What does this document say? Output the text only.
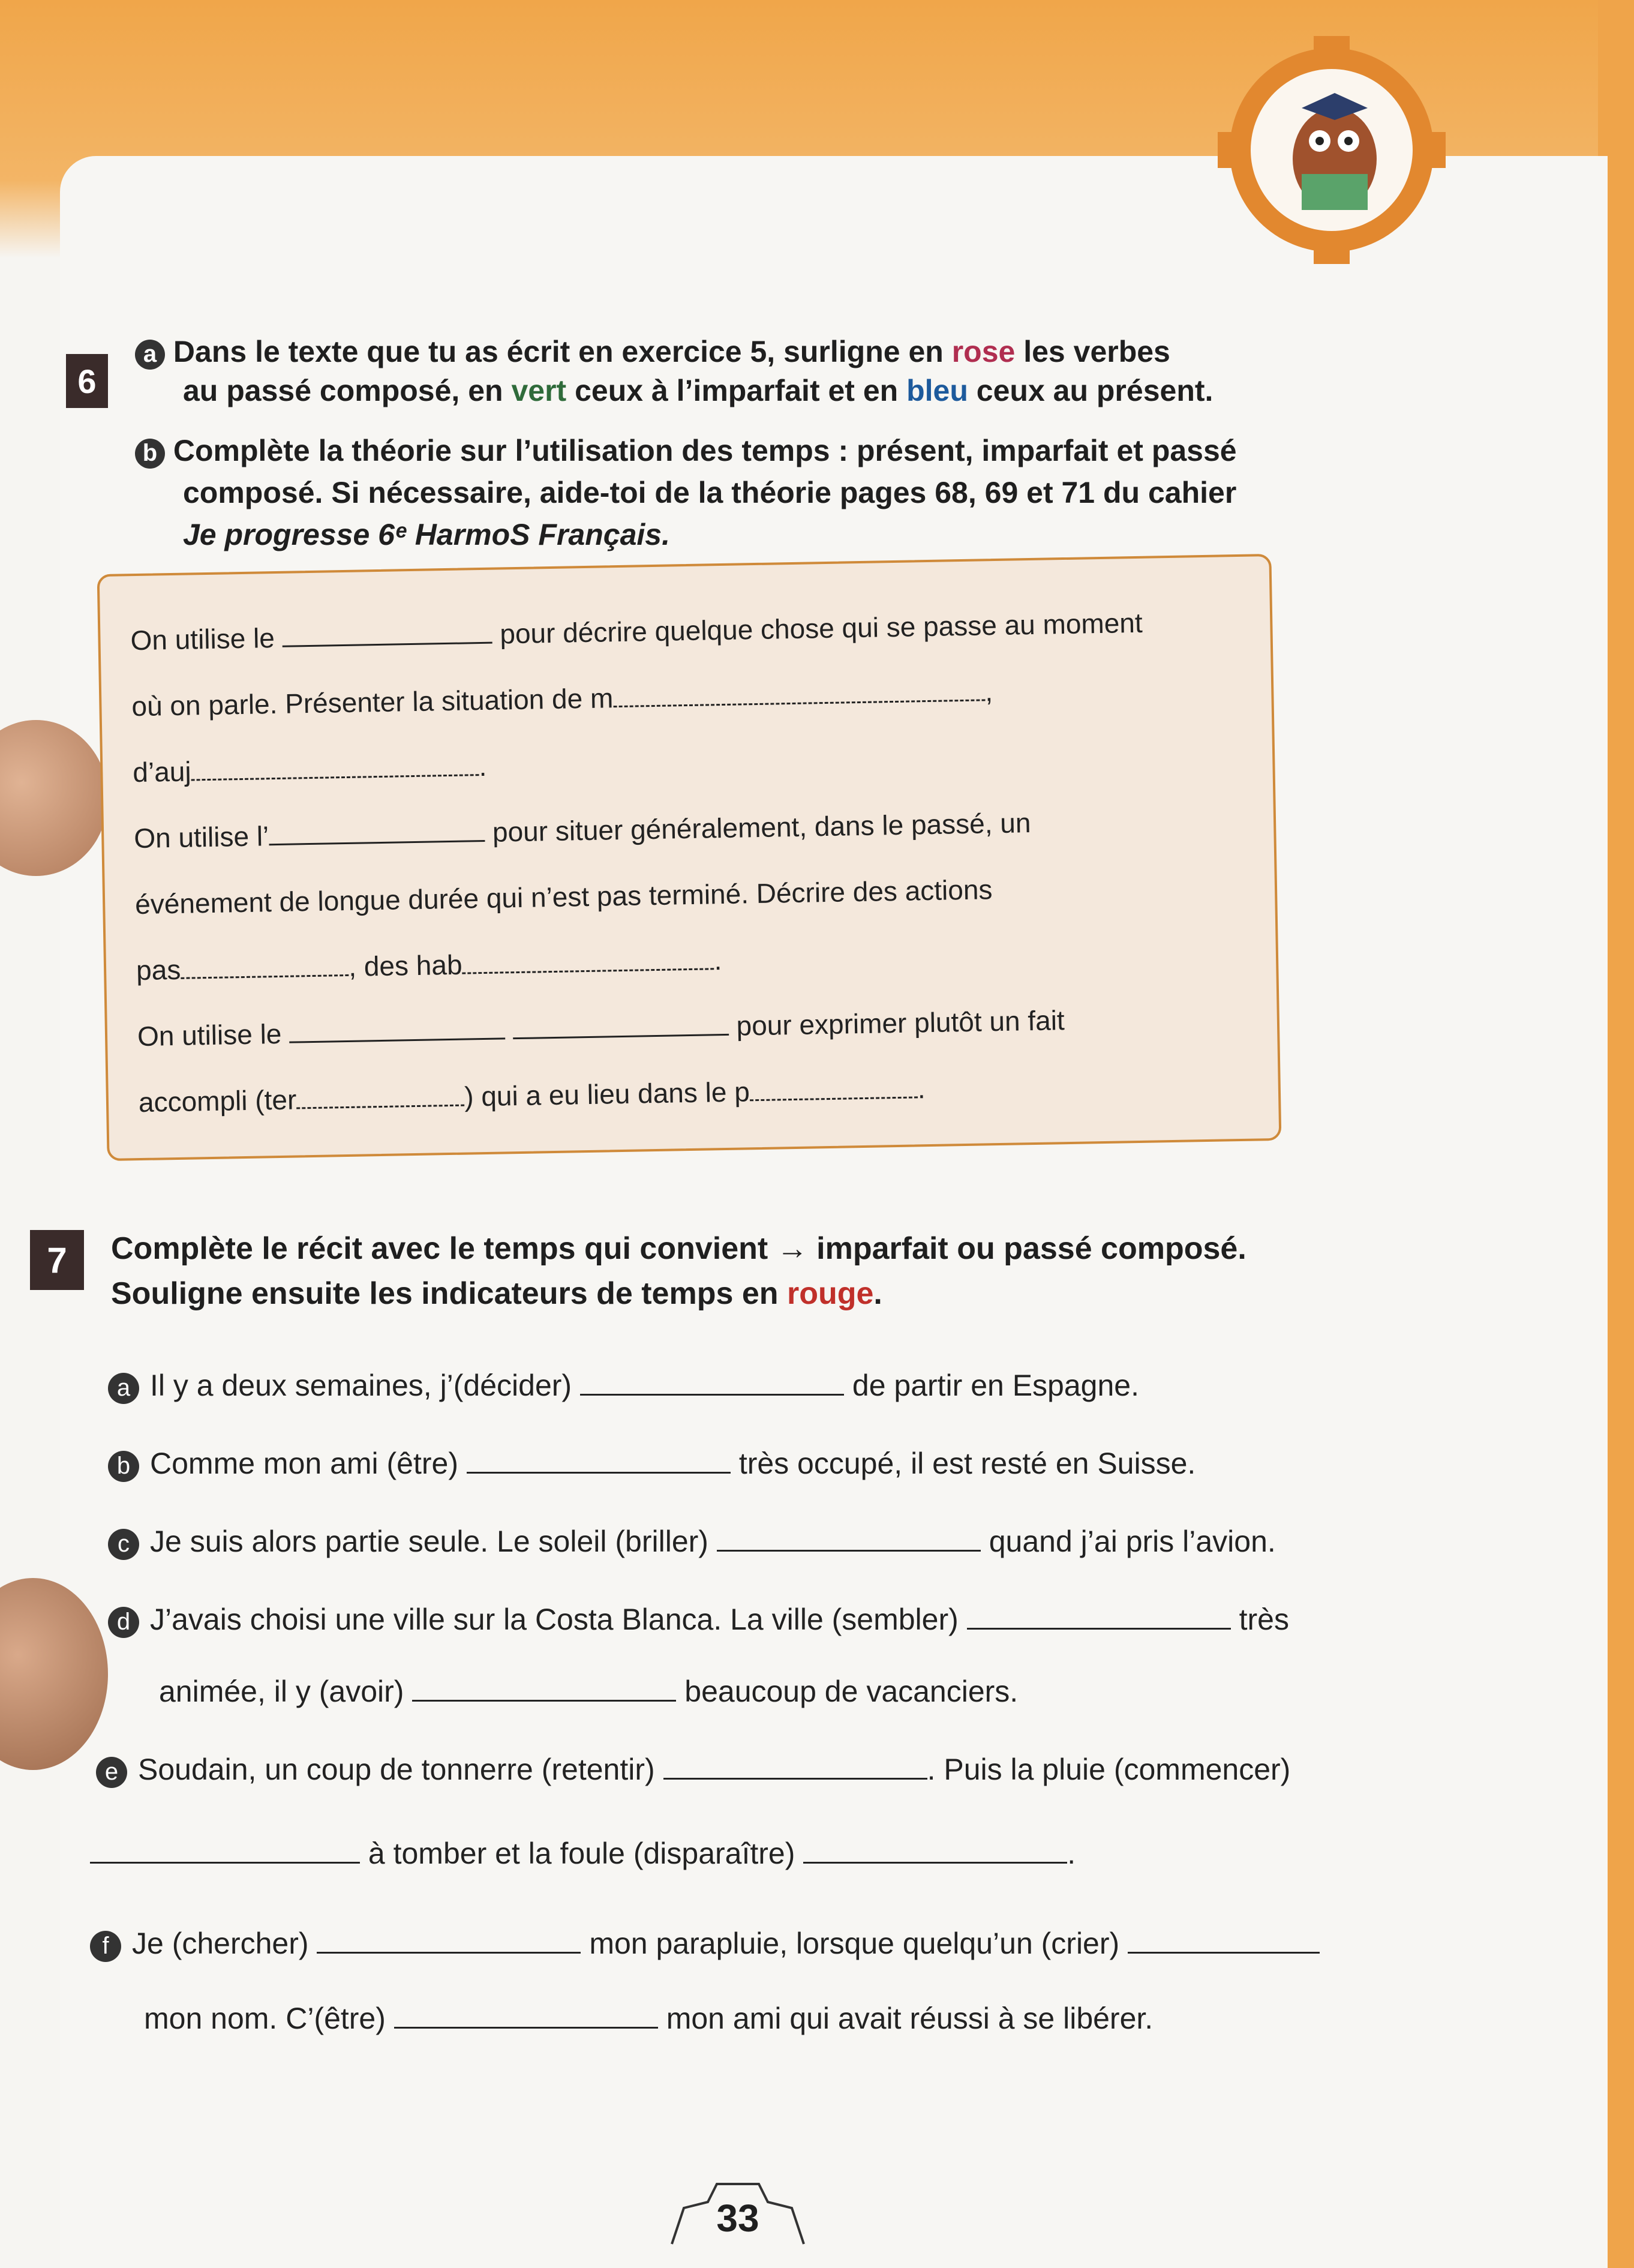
6
a Dans le texte que tu as écrit en exercice 5, surligne en rose les verbes
au passé composé, en vert ceux à l’imparfait et en bleu ceux au présent.
b Complète la théorie sur l’utilisation des temps : présent, imparfait et passé
composé. Si nécessaire, aide-toi de la théorie pages 68, 69 et 71 du cahier
Je progresse 6ᵉ HarmoS Français.
On utilise le	pour décrire quelque chose qui se passe au moment
où on parle. Présenter la situation de m	,
d’auj	.
On utilise l’	pour situer généralement, dans le passé, un
événement de longue durée qui n’est pas terminé. Décrire des actions
pas	, des hab	.
On utilise le	pour exprimer plutôt un fait
accompli (ter	) qui a eu lieu dans le p	.
7	Complète le récit avec le temps qui convient → imparfait ou passé composé.
Souligne ensuite les indicateurs de temps en rouge.
a Il y a deux semaines, j’(décider)	de partir en Espagne.
b Comme mon ami (être)	très occupé, il est resté en Suisse.
c Je suis alors partie seule. Le soleil (briller)	quand j’ai pris l’avion.
d J’avais choisi une ville sur la Costa Blanca. La ville (sembler)	très
animée, il y (avoir)	beaucoup de vacanciers.
e Soudain, un coup de tonnerre (retentir)	. Puis la pluie (commencer)
à tomber et la foule (disparaître)	.
f Je (chercher)	mon parapluie, lorsque quelqu’un (crier)
mon nom. C’(être)	mon ami qui avait réussi à se libérer.
33
